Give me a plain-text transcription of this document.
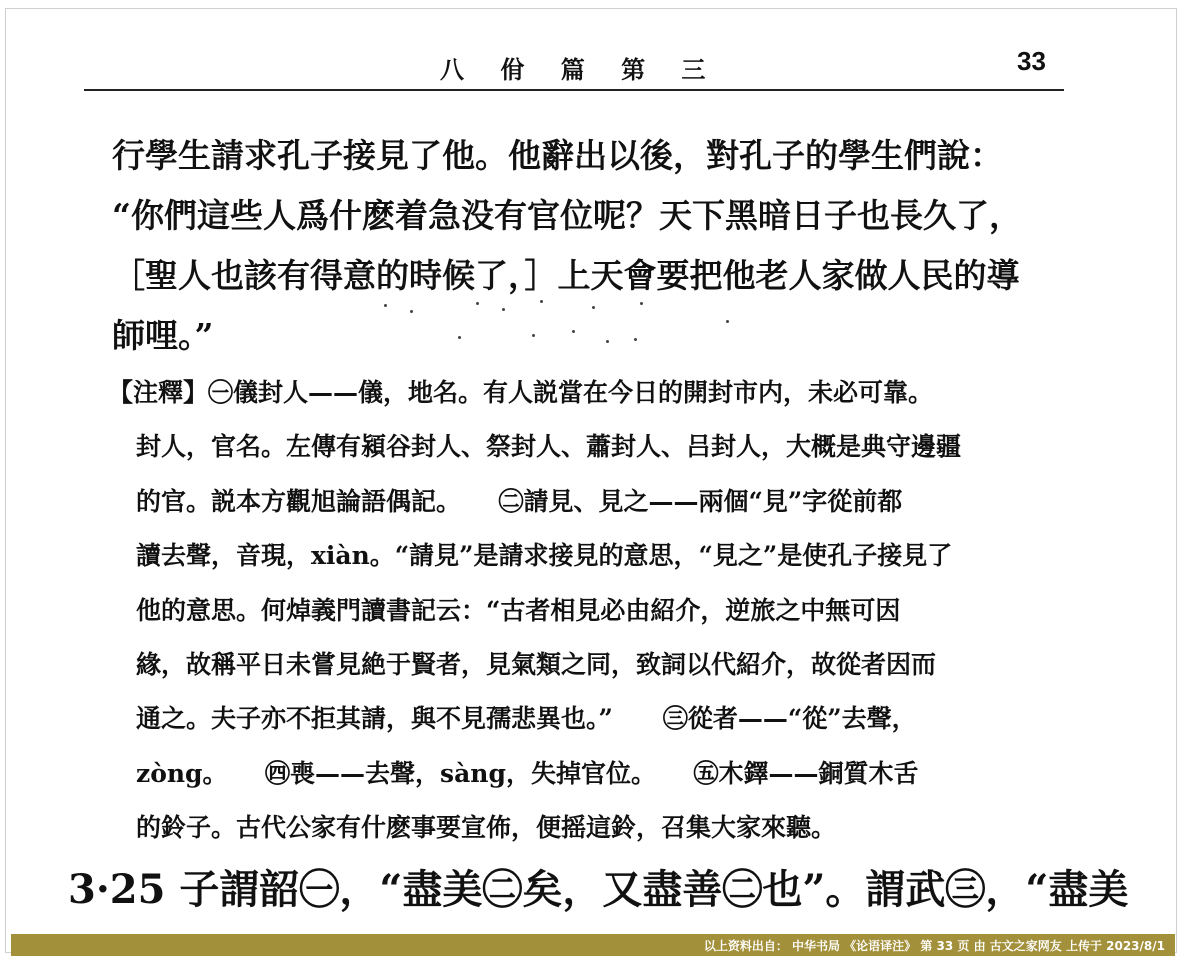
八 佾 篇 第 三	33
行學生請求孔子接見了他。他辭出以後，對孔子的學生們說：
“你們這些人爲什麽着急没有官位呢？天下黑暗日子也長久了，
［聖人也該有得意的時候了，］上天會要把他老人家做人民的導
師哩。”
【注釋】㊀儀封人——儀，地名。有人説當在今日的開封市内，未必可靠。
封人，官名。左傳有潁谷封人、祭封人、蕭封人、吕封人，大概是典守邊疆
的官。説本方觀旭論語偶記。　　㊁請見、見之——兩個“見”字從前都
讀去聲，音現，xiàn。“請見”是請求接見的意思，“見之”是使孔子接見了
他的意思。何焯義門讀書記云：“古者相見必由紹介，逆旅之中無可因
緣，故稱平日未嘗見絶于賢者，見氣類之同，致詞以代紹介，故從者因而
通之。夫子亦不拒其請，與不見孺悲異也。”　　㊂從者——“從”去聲，
zòng。　　㊃喪——去聲，sàng，失掉官位。　　㊄木鐸——銅質木舌
的鈴子。古代公家有什麽事要宣佈，便摇這鈴，召集大家來聽。
3·25 子謂韶㊀，“盡美㊁矣，又盡善㊁也”。謂武㊂，“盡美
以上资料出自： 中华书局 《论语译注》 第 33 页 由 古文之家网友 上传于 2023/8/1
